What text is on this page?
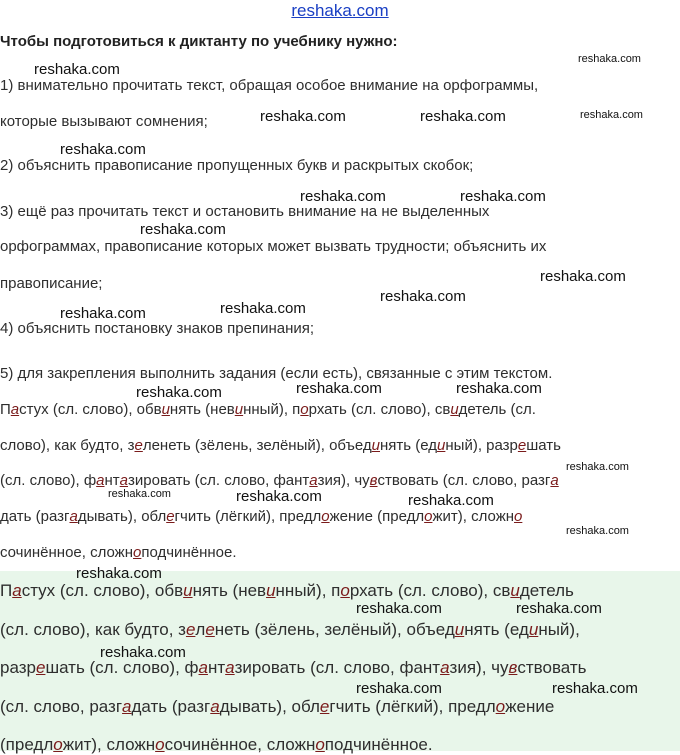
reshaka.com
Чтобы подготовиться к диктанту по учебнику нужно:
1) внимательно прочитать текст, обращая особое внимание на орфограммы,
которые вызывают сомнения;
2) объяснить правописание пропущенных букв и раскрытых скобок;
3) ещё раз прочитать текст и остановить внимание на не выделенных
орфограммах, правописание которых может вызвать трудности; объяснить их
правописание;
4) объяснить постановку знаков препинания;
5) для закрепления выполнить задания (если есть), связанные с этим текстом.
Пастух (сл. слово), обвинять (невинный), порхать (сл. слово), свидетель (сл.
слово), как будто, зеленеть (зёлень, зелёный), объединять (единый), разрешать
(сл. слово), фантазировать (сл. слово, фантазия), чувствовать (сл. слово, разга
дать (разгадывать), облегчить (лёгкий), предложение (предложит), сложно
сочинённое, сложноподчинённое.
Пастух (сл. слово), обвинять (невинный), порхать (сл. слово), свидетель
(сл. слово), как будто, зеленеть (зёлень, зелёный), объединять (единый),
разрешать (сл. слово), фантазировать (сл. слово, фантазия), чувствовать
(сл. слово, разгадать (разгадывать), облегчить (лёгкий), предложение
(предложит), сложносочинённое, сложноподчинённое.
reshaka.com
reshaka.com
reshaka.com	reshaka.com	reshaka.com
reshaka.com
reshaka.com	reshaka.com
reshaka.com
reshaka.com
reshaka.com
reshaka.com
reshaka.com
reshaka.com	reshaka.com
reshaka.com
reshaka.com
reshaka.com	reshaka.com	reshaka.com
reshaka.com
reshaka.com
reshaka.com	reshaka.com
reshaka.com
reshaka.com	reshaka.com
